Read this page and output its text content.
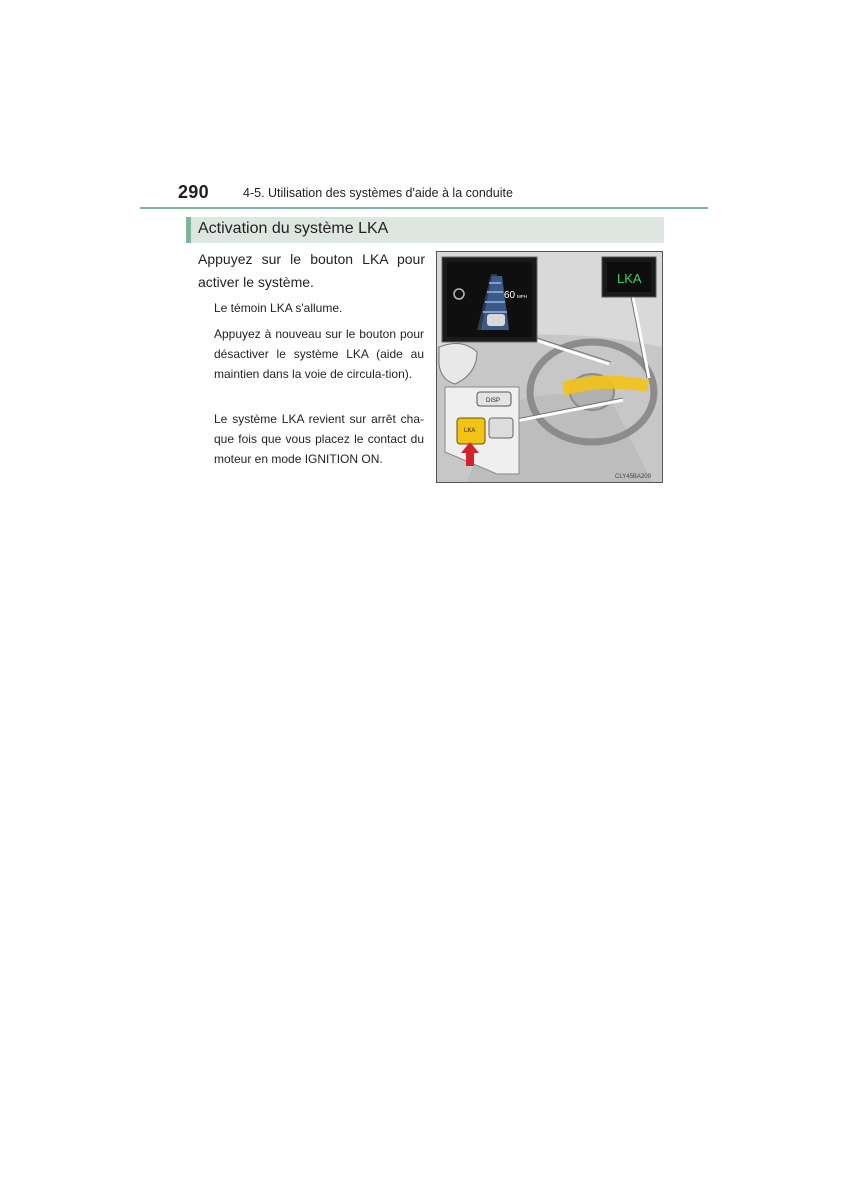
290	4-5. Utilisation des systèmes d'aide à la conduite
Activation du système LKA
Appuyez sur le bouton LKA pour activer le système.
Le témoin LKA s'allume.
Appuyez à nouveau sur le bouton pour désactiver le système LKA (aide au maintien dans la voie de circula-tion).
Le système LKA revient sur arrêt cha-que fois que vous placez le contact du moteur en mode IGNITION ON.
60 MPH
LKA
DISP
LKA
CLY45BA209
